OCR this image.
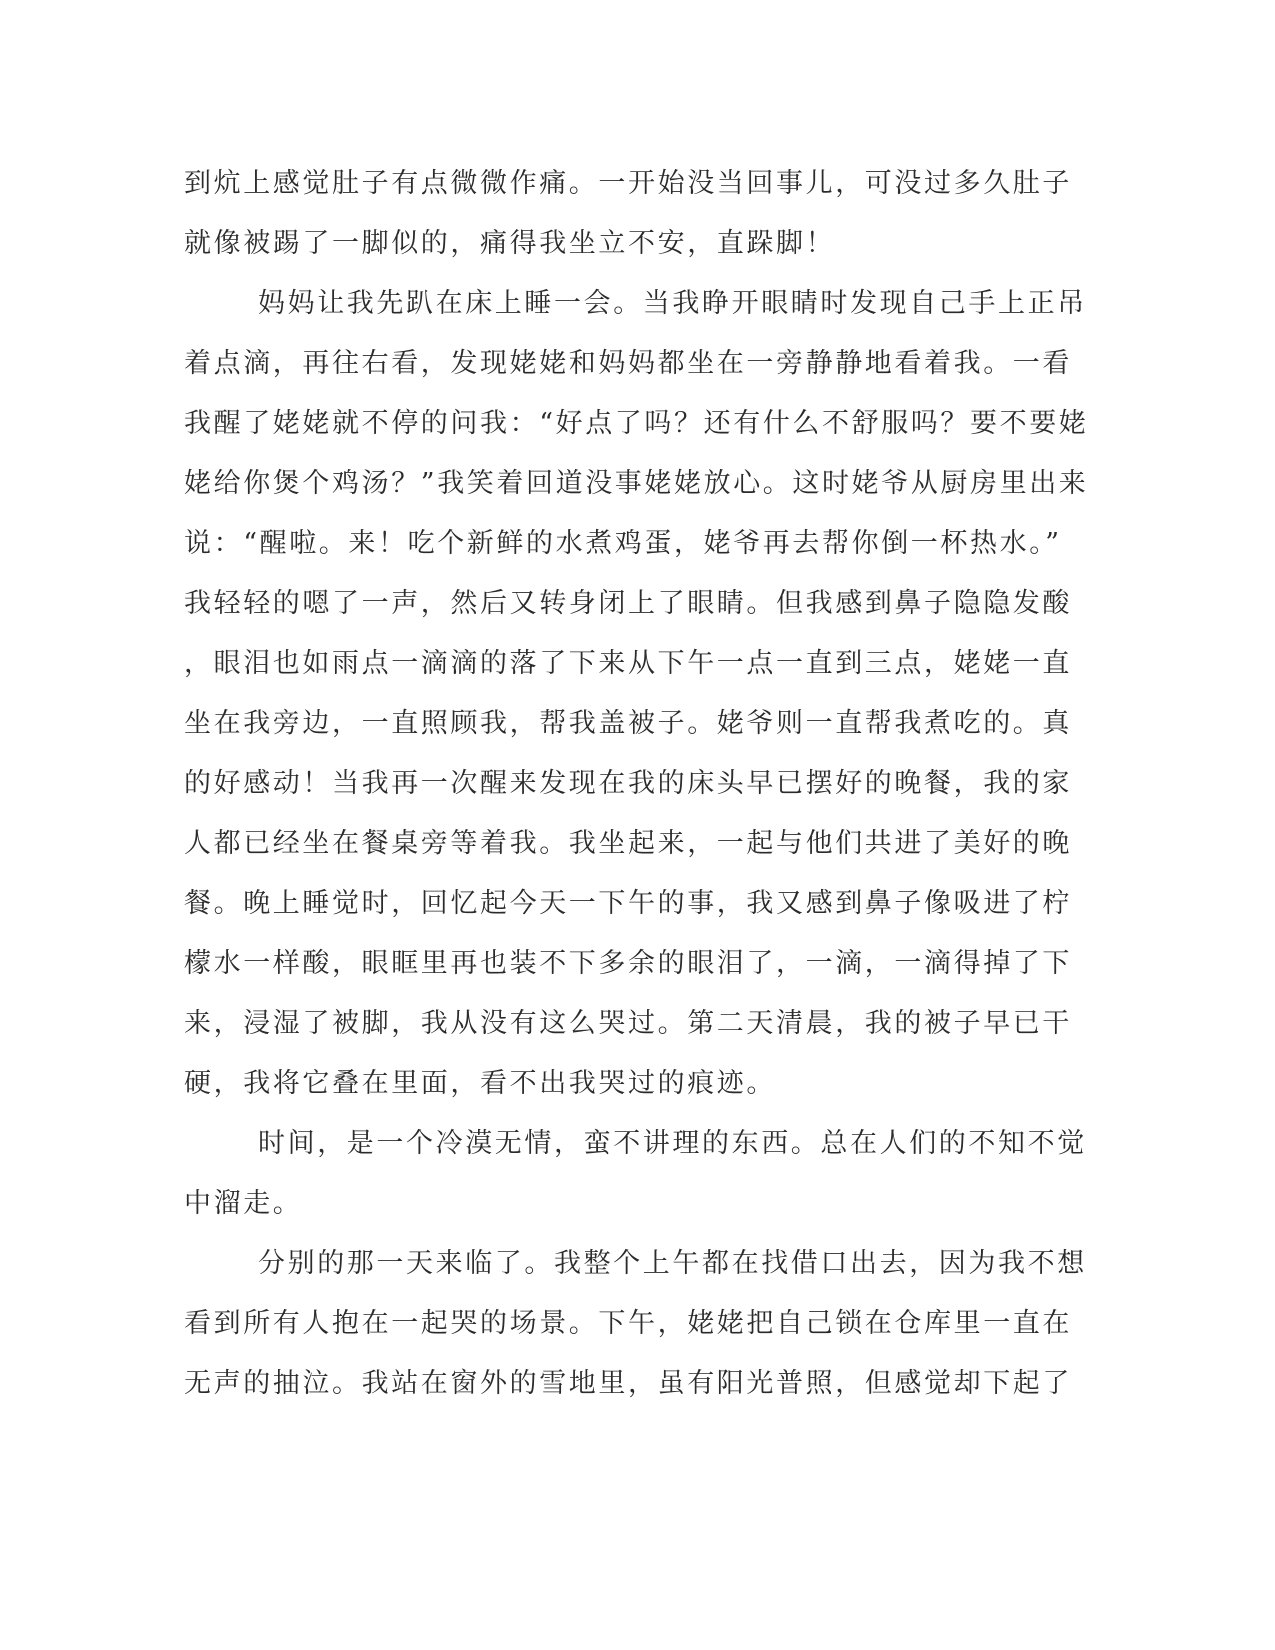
到炕上感觉肚子有点微微作痛。一开始没当回事儿，可没过多久肚子
就像被踢了一脚似的，痛得我坐立不安，直跺脚！
妈妈让我先趴在床上睡一会。当我睁开眼睛时发现自己手上正吊
着点滴，再往右看，发现姥姥和妈妈都坐在一旁静静地看着我。一看
我醒了姥姥就不停的问我：“好点了吗？还有什么不舒服吗？要不要姥
姥给你煲个鸡汤？”我笑着回道没事姥姥放心。这时姥爷从厨房里出来
说：“醒啦。来！吃个新鲜的水煮鸡蛋，姥爷再去帮你倒一杯热水。”
我轻轻的嗯了一声，然后又转身闭上了眼睛。但我感到鼻子隐隐发酸
，眼泪也如雨点一滴滴的落了下来从下午一点一直到三点，姥姥一直
坐在我旁边，一直照顾我，帮我盖被子。姥爷则一直帮我煮吃的。真
的好感动！当我再一次醒来发现在我的床头早已摆好的晚餐，我的家
人都已经坐在餐桌旁等着我。我坐起来，一起与他们共进了美好的晚
餐。晚上睡觉时，回忆起今天一下午的事，我又感到鼻子像吸进了柠
檬水一样酸，眼眶里再也装不下多余的眼泪了，一滴，一滴得掉了下
来，浸湿了被脚，我从没有这么哭过。第二天清晨，我的被子早已干
硬，我将它叠在里面，看不出我哭过的痕迹。
时间，是一个冷漠无情，蛮不讲理的东西。总在人们的不知不觉
中溜走。
分别的那一天来临了。我整个上午都在找借口出去，因为我不想
看到所有人抱在一起哭的场景。下午，姥姥把自己锁在仓库里一直在
无声的抽泣。我站在窗外的雪地里，虽有阳光普照，但感觉却下起了
